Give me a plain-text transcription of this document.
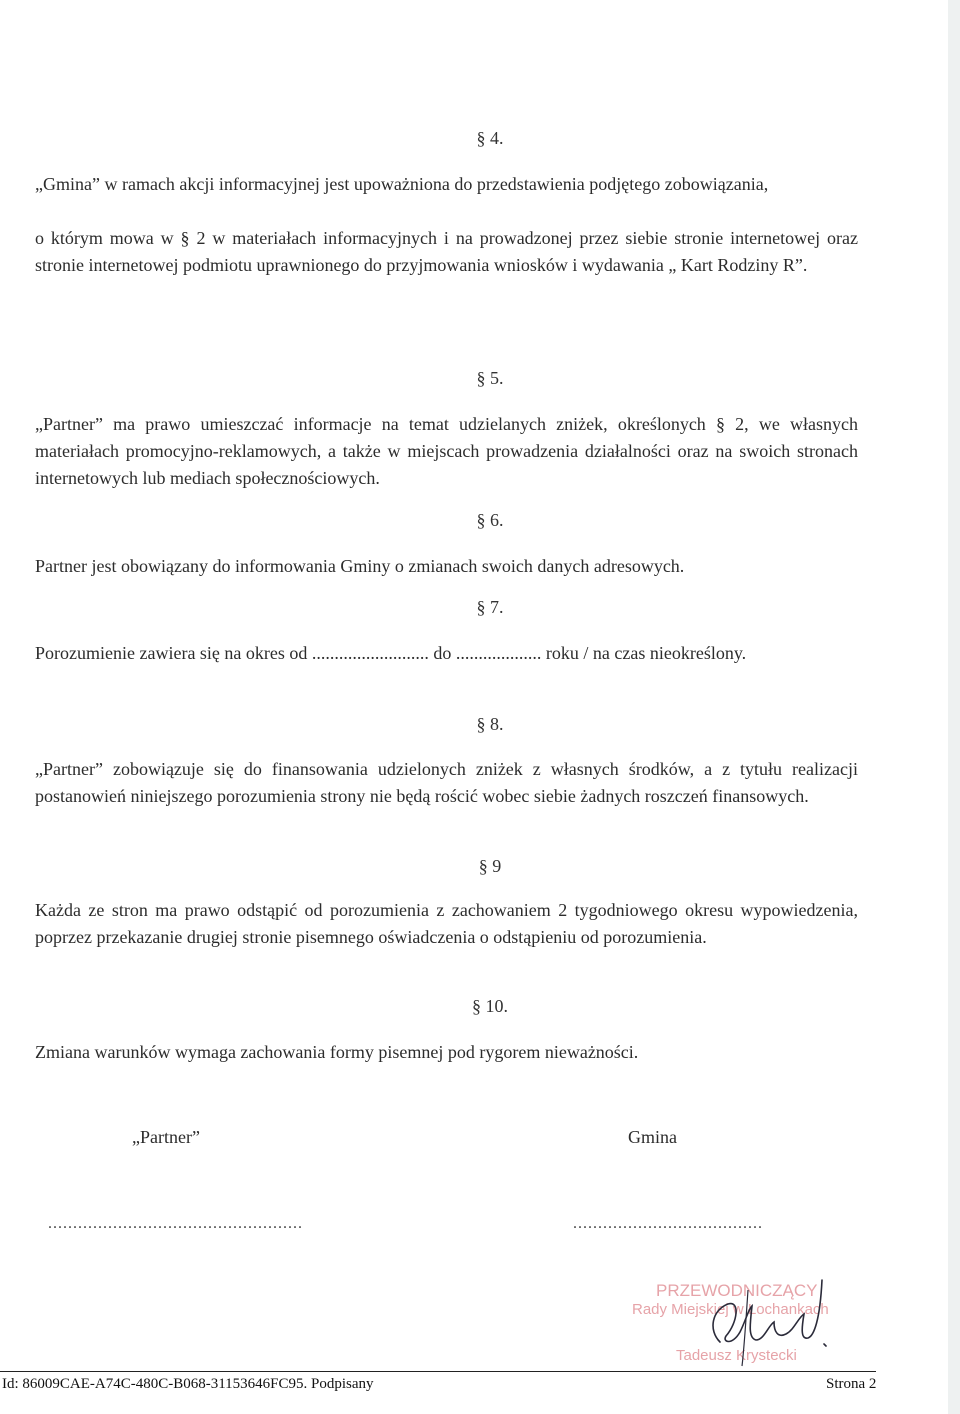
§ 4.
„Gmina” w ramach akcji informacyjnej jest upoważniona do przedstawienia podjętego zobowiązania,
o którym mowa w § 2 w materiałach informacyjnych i na prowadzonej przez siebie stronie internetowej oraz stronie internetowej podmiotu uprawnionego do przyjmowania wniosków i wydawania „ Kart Rodziny R”.
§ 5.
„Partner” ma prawo umieszczać informacje na temat udzielanych zniżek, określonych § 2, we własnych materiałach promocyjno-reklamowych, a także w miejscach prowadzenia działalności oraz na swoich stronach internetowych lub mediach społecznościowych.
§ 6.
Partner jest obowiązany do informowania Gminy o zmianach swoich danych adresowych.
§ 7.
Porozumienie zawiera się na okres od .......................... do ................... roku / na czas nieokreślony.
§ 8.
„Partner” zobowiązuje się do finansowania udzielonych zniżek z własnych środków, a z tytułu realizacji postanowień niniejszego porozumienia strony nie będą rościć wobec siebie żadnych roszczeń finansowych.
§ 9
Każda ze stron ma prawo odstąpić od porozumienia z zachowaniem 2 tygodniowego okresu wypowiedzenia, poprzez przekazanie drugiej stronie pisemnego oświadczenia o odstąpieniu od porozumienia.
§ 10.
Zmiana warunków wymaga zachowania formy pisemnej pod rygorem nieważności.
„Partner”	Gmina
...................................................	......................................
PRZEWODNICZĄCY
Rady Miejskiej w Łochankach
Tadeusz Krystecki
Id: 86009CAE-A74C-480C-B068-31153646FC95. Podpisany	Strona 2
